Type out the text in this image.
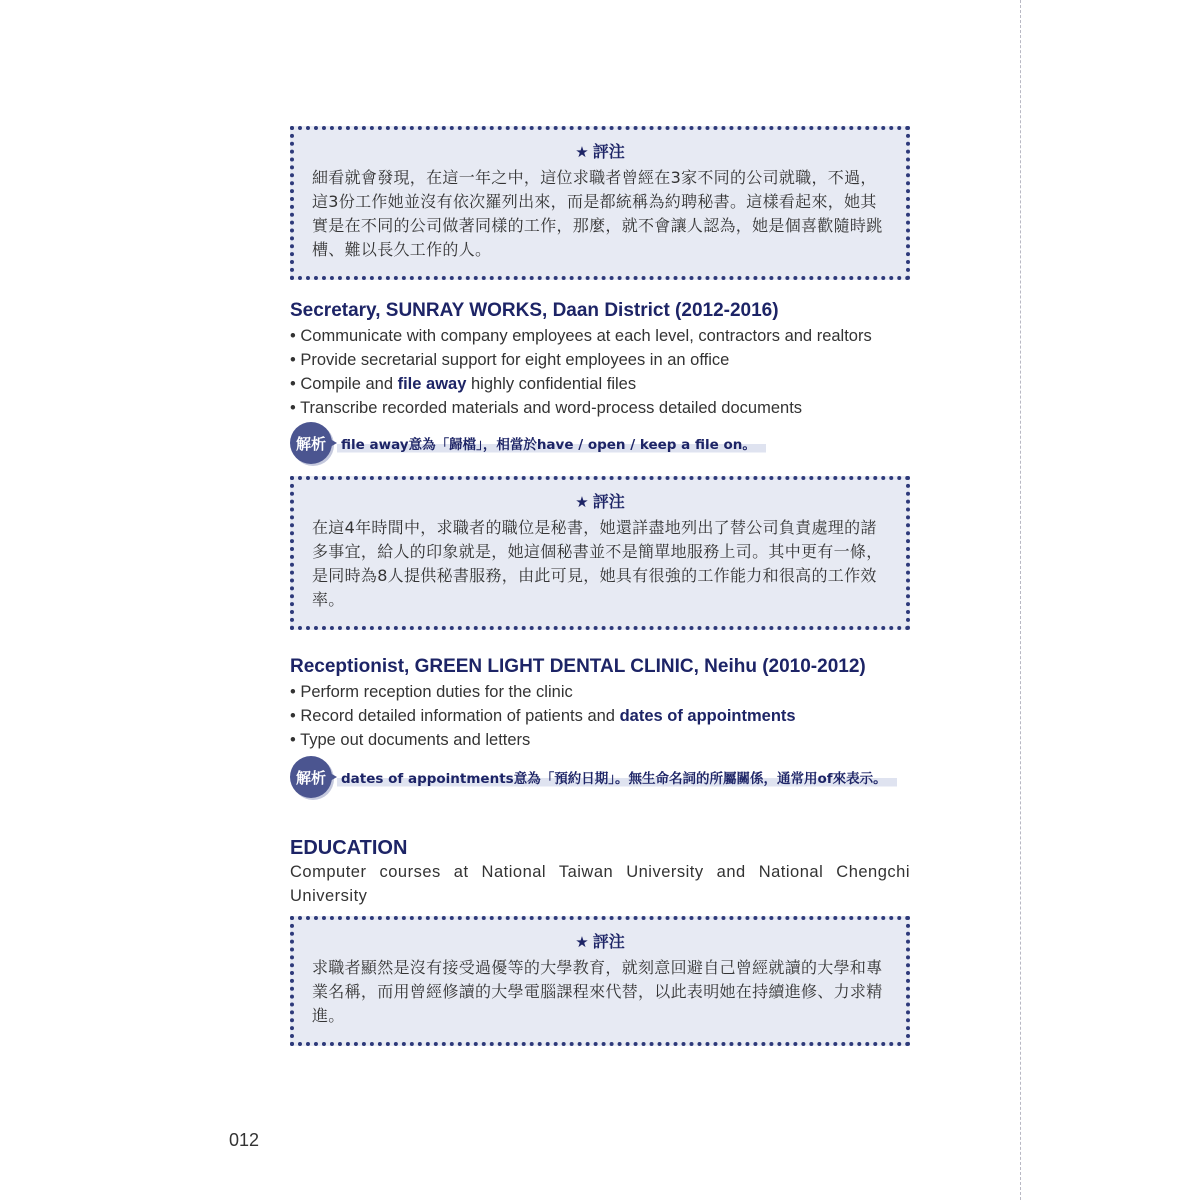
★ 評注
細看就會發現，在這一年之中，這位求職者曾經在3家不同的公司就職，不過，這3份工作她並沒有依次羅列出來，而是都統稱為約聘秘書。這樣看起來，她其實是在不同的公司做著同樣的工作，那麼，就不會讓人認為，她是個喜歡隨時跳槽、難以長久工作的人。
Secretary, SUNRAY WORKS, Daan District (2012-2016)
• Communicate with company employees at each level, contractors and realtors
• Provide secretarial support for eight employees in an office
• Compile and file away highly confidential files
• Transcribe recorded materials and word-process detailed documents
解析	file away意為「歸檔」，相當於have / open / keep a file on。
★ 評注
在這4年時間中，求職者的職位是秘書，她還詳盡地列出了替公司負責處理的諸多事宜，給人的印象就是，她這個秘書並不是簡單地服務上司。其中更有一條，是同時為8人提供秘書服務，由此可見，她具有很強的工作能力和很高的工作效率。
Receptionist, GREEN LIGHT DENTAL CLINIC, Neihu (2010-2012)
• Perform reception duties for the clinic
• Record detailed information of patients and dates of appointments
• Type out documents and letters
解析	dates of appointments意為「預約日期」。無生命名詞的所屬關係，通常用of來表示。
EDUCATION
Computer courses at National Taiwan University and National Chengchi University
★ 評注
求職者顯然是沒有接受過優等的大學教育，就刻意回避自己曾經就讀的大學和專業名稱，而用曾經修讀的大學電腦課程來代替，以此表明她在持續進修、力求精進。
012
